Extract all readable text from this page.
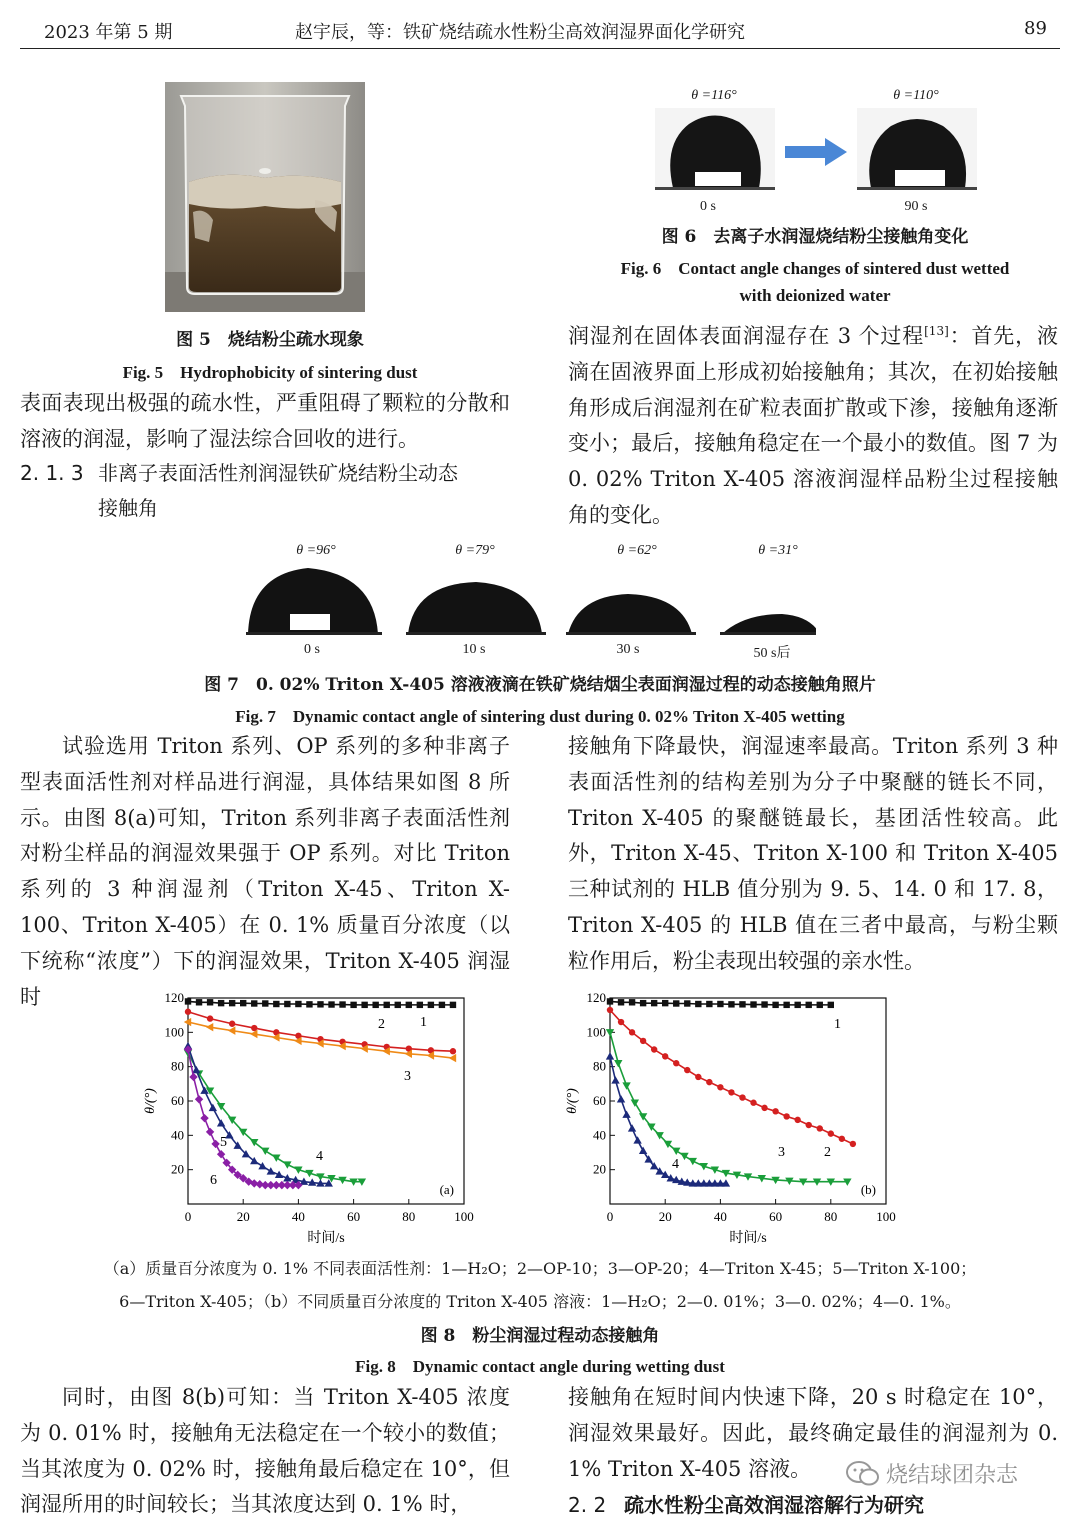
2023 年第 5 期	赵宇辰，等：铁矿烧结疏水性粉尘高效润湿界面化学研究	89
图 5　烧结粉尘疏水现象
Fig. 5　Hydrophobicity of sintering dust
θ =116°	θ =110°
0 s	90 s
图 6　去离子水润湿烧结粉尘接触角变化
Fig. 6　Contact angle changes of sintered dust wetted
with deionized water

表面表现出极强的疏水性，严重阻碍了颗粒的分散和溶液的润湿，影响了湿法综合回收的进行。

2. 1. 3 非离子表面活性剂润湿铁矿烧结粉尘动态
接触角

润湿剂在固体表面润湿存在 3 个过程[13]：首先，液滴在固液界面上形成初始接触角；其次，在初始接触角形成后润湿剂在矿粒表面扩散或下渗，接触角逐渐变小；最后，接触角稳定在一个最小的数值。图 7 为 0. 02% Triton X-405 溶液润湿样品粉尘过程接触角的变化。

θ =96°	θ =79°	θ =62°	θ =31°
0 s	10 s	30 s	50 s后
图 7　0. 02% Triton X-405 溶液液滴在铁矿烧结烟尘表面润湿过程的动态接触角照片
Fig. 7　Dynamic contact angle of sintering dust during 0. 02% Triton X-405 wetting

试验选用 Triton 系列、OP 系列的多种非离子型表面活性剂对样品进行润湿，具体结果如图 8 所示。由图 8(a)可知，Triton 系列非离子表面活性剂对粉尘样品的润湿效果强于 OP 系列。对比 Triton 系列的 3 种润湿剂（Triton X-45、Triton X-100、Triton X-405）在 0. 1% 质量百分浓度（以下统称“浓度”）下的润湿效果，Triton X-405 润湿时

接触角下降最快，润湿速率最高。Triton 系列 3 种表面活性剂的结构差别为分子中聚醚的链长不同，Triton X-405 的聚醚链最长，基团活性较高。此外，Triton X-45、Triton X-100 和 Triton X-405 三种试剂的 HLB 值分别为 9. 5、14. 0 和 17. 8，Triton X-405 的 HLB 值在三者中最高，与粉尘颗粒作用后，粉尘表现出较强的亲水性。

0	20	40	60	80	100
20
40
60
80
100
120
时间/s
θ/(°)
(a)
1
2
3
4
5
6
0	20	40	60	80	100
20
40
60
80
100
120
时间/s
θ/(°)
(b)
1
2
3
4
（a）质量百分浓度为 0. 1% 不同表面活性剂：1—H₂O；2—OP-10；3—OP-20；4—Triton X-45；5—Triton X-100；
6—Triton X-405；（b）不同质量百分浓度的 Triton X-405 溶液：1—H₂O；2—0. 01%；3—0. 02%；4—0. 1%。
图 8　粉尘润湿过程动态接触角
Fig. 8　Dynamic contact angle during wetting dust

同时，由图 8(b)可知：当 Triton X-405 浓度为 0. 01% 时，接触角无法稳定在一个较小的数值；当其浓度为 0. 02% 时，接触角最后稳定在 10°，但润湿所用的时间较长；当其浓度达到 0. 1% 时，

接触角在短时间内快速下降，20 s 时稳定在 10°，润湿效果最好。因此，最终确定最佳的润湿剂为 0. 1% Triton X-405 溶液。

2. 2 疏水性粉尘高效润湿溶解行为研究
烧结球团杂志
